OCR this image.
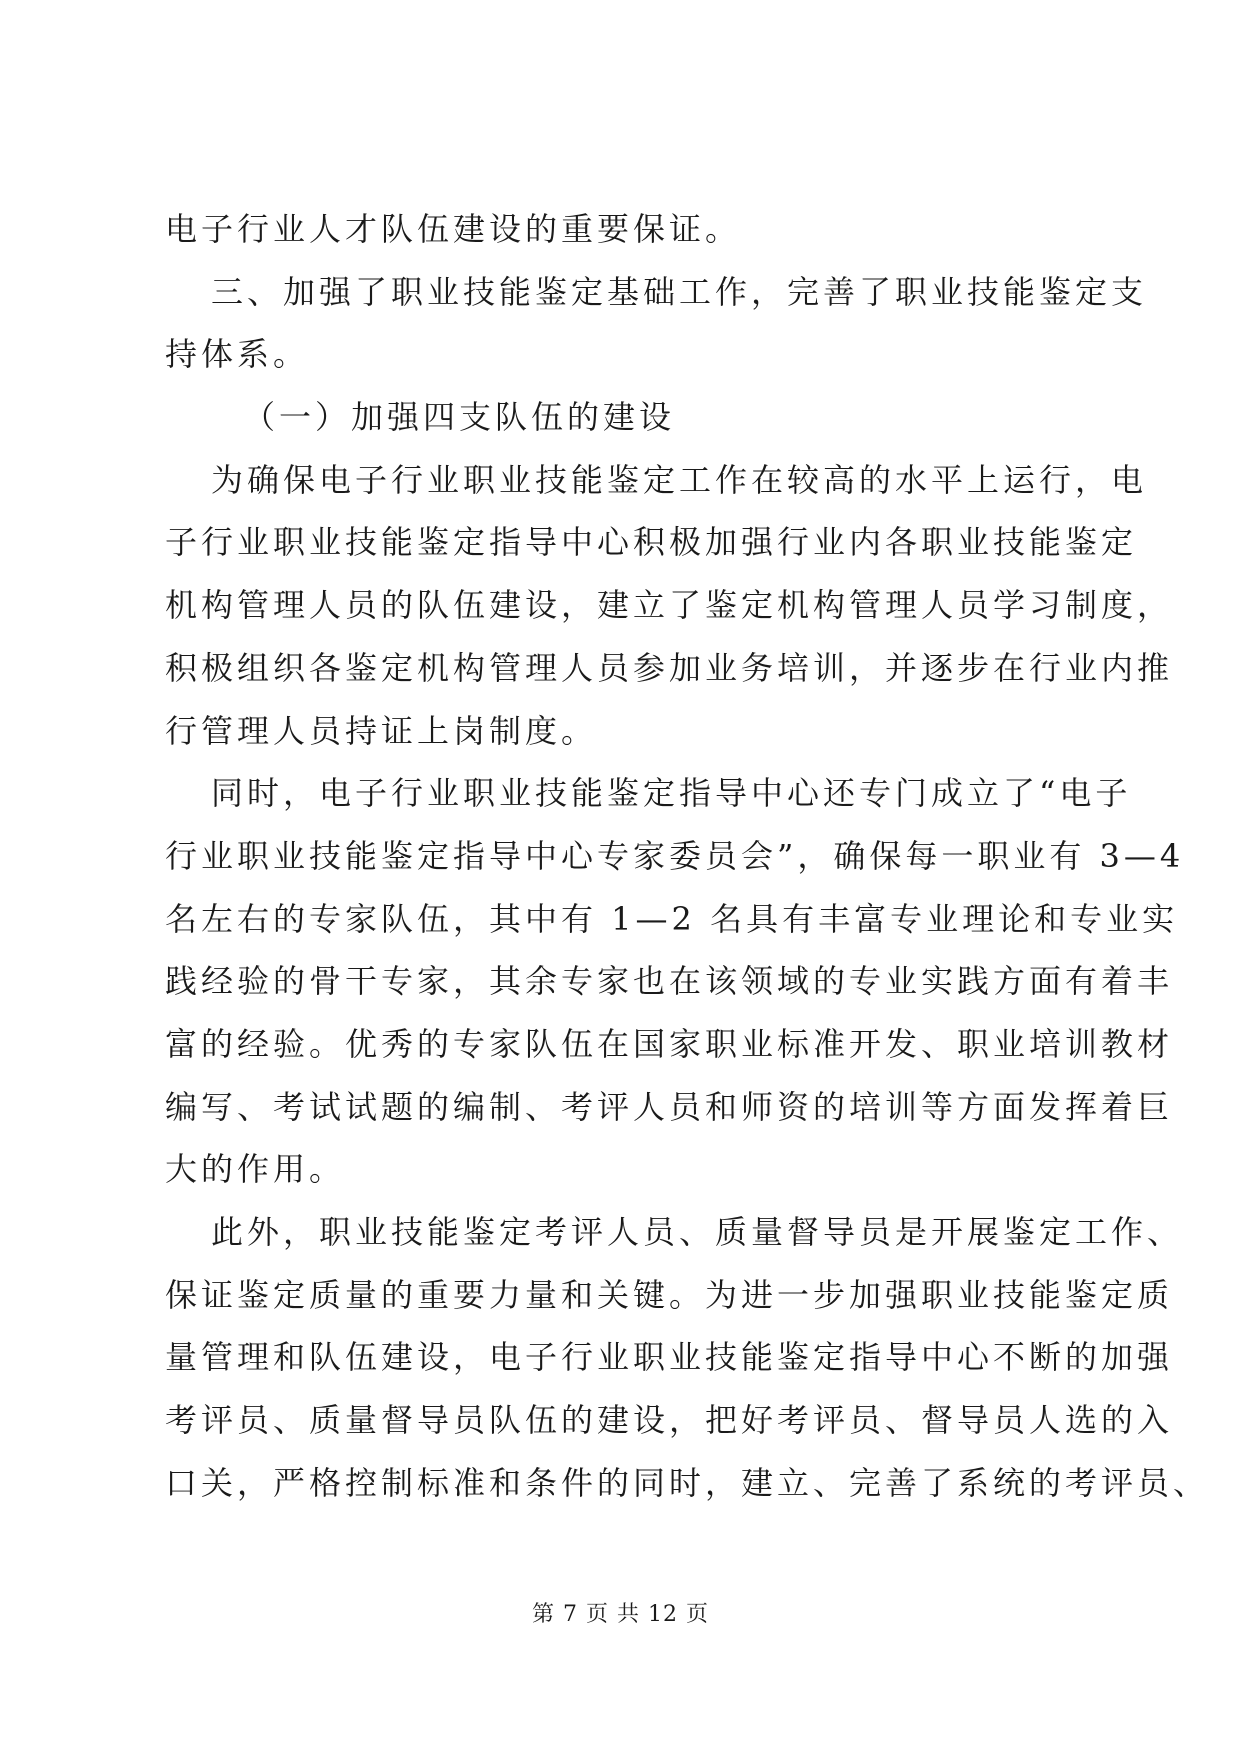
电子行业人才队伍建设的重要保证。
三、加强了职业技能鉴定基础工作，完善了职业技能鉴定支
持体系。
（一）加强四支队伍的建设
为确保电子行业职业技能鉴定工作在较高的水平上运行，电
子行业职业技能鉴定指导中心积极加强行业内各职业技能鉴定
机构管理人员的队伍建设，建立了鉴定机构管理人员学习制度，
积极组织各鉴定机构管理人员参加业务培训，并逐步在行业内推
行管理人员持证上岗制度。
同时，电子行业职业技能鉴定指导中心还专门成立了“电子
行业职业技能鉴定指导中心专家委员会”，确保每一职业有 3—4
名左右的专家队伍，其中有 1—2 名具有丰富专业理论和专业实
践经验的骨干专家，其余专家也在该领域的专业实践方面有着丰
富的经验。优秀的专家队伍在国家职业标准开发、职业培训教材
编写、考试试题的编制、考评人员和师资的培训等方面发挥着巨
大的作用。
此外，职业技能鉴定考评人员、质量督导员是开展鉴定工作、
保证鉴定质量的重要力量和关键。为进一步加强职业技能鉴定质
量管理和队伍建设，电子行业职业技能鉴定指导中心不断的加强
考评员、质量督导员队伍的建设，把好考评员、督导员人选的入
口关，严格控制标准和条件的同时，建立、完善了系统的考评员、
第 7 页 共 12 页
